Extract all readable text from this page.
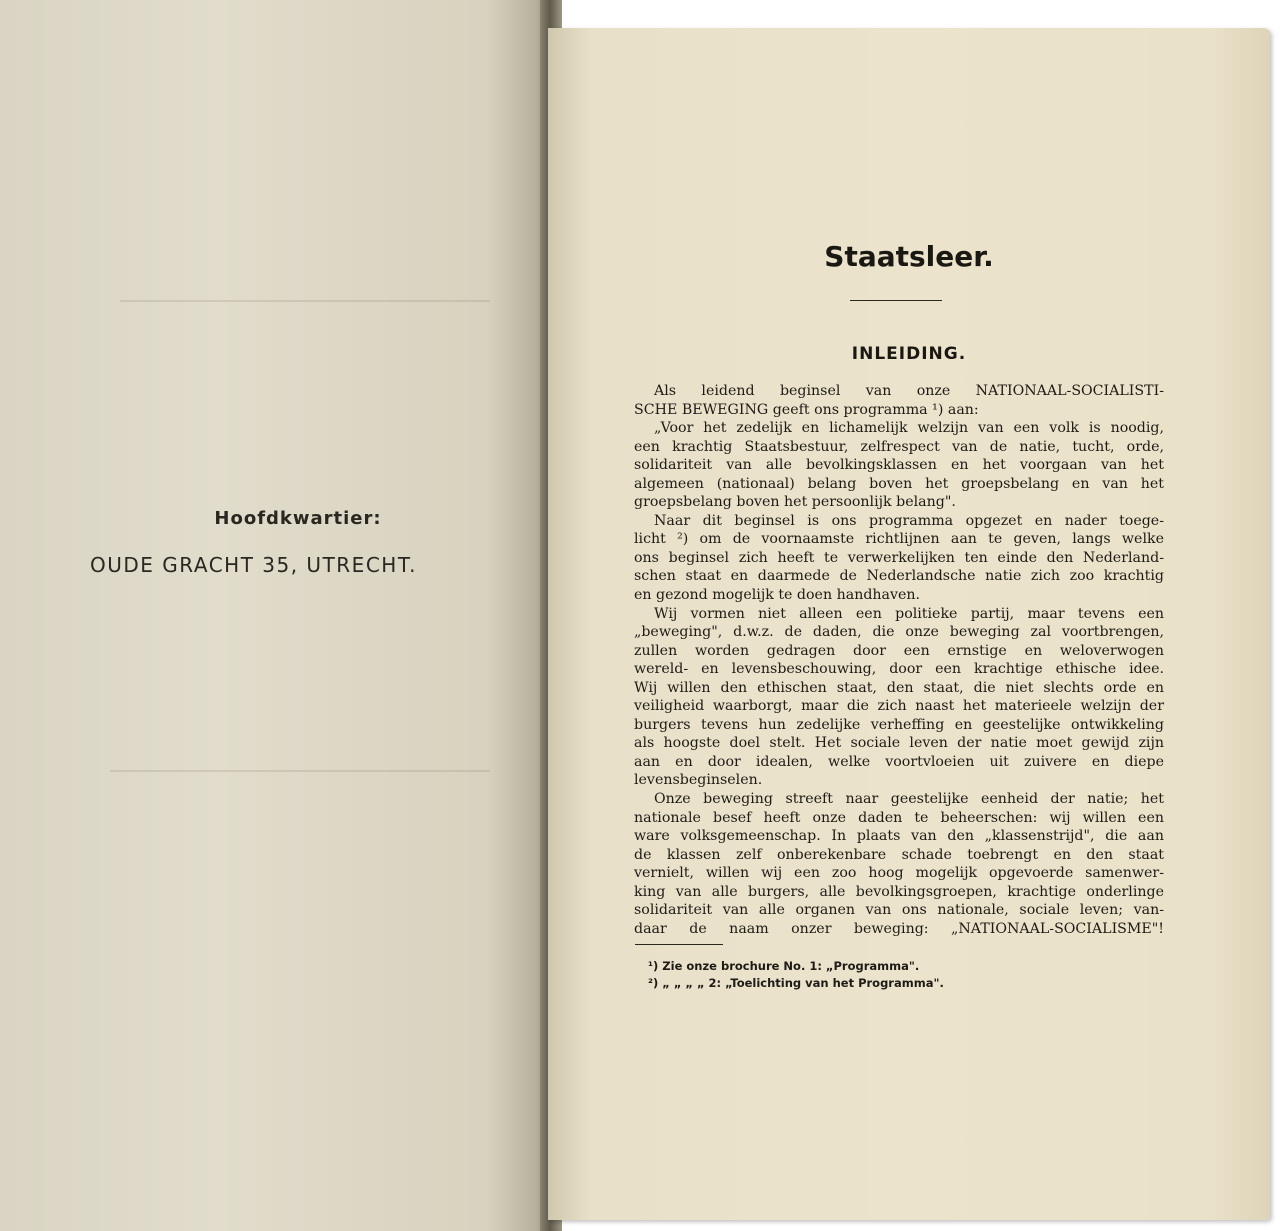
Hoofdkwartier:
OUDE GRACHT 35, UTRECHT.
Staatsleer.
INLEIDING.
Als leidend beginsel van onze NATIONAAL-SOCIALISTI-
SCHE BEWEGING geeft ons programma ¹) aan:
„Voor het zedelijk en lichamelijk welzijn van een volk is noodig,
een krachtig Staatsbestuur, zelfrespect van de natie, tucht, orde,
solidariteit van alle bevolkingsklassen en het voorgaan van het
algemeen (nationaal) belang boven het groepsbelang en van het
groepsbelang boven het persoonlijk belang".
Naar dit beginsel is ons programma opgezet en nader toege-
licht ²) om de voornaamste richtlijnen aan te geven, langs welke
ons beginsel zich heeft te verwerkelijken ten einde den Nederland-
schen staat en daarmede de Nederlandsche natie zich zoo krachtig
en gezond mogelijk te doen handhaven.
Wij vormen niet alleen een politieke partij, maar tevens een
„beweging", d.w.z. de daden, die onze beweging zal voortbrengen,
zullen worden gedragen door een ernstige en weloverwogen
wereld- en levensbeschouwing, door een krachtige ethische idee.
Wij willen den ethischen staat, den staat, die niet slechts orde en
veiligheid waarborgt, maar die zich naast het materieele welzijn der
burgers tevens hun zedelijke verheffing en geestelijke ontwikkeling
als hoogste doel stelt. Het sociale leven der natie moet gewijd zijn
aan en door idealen, welke voortvloeien uit zuivere en diepe
levensbeginselen.
Onze beweging streeft naar geestelijke eenheid der natie; het
nationale besef heeft onze daden te beheerschen: wij willen een
ware volksgemeenschap. In plaats van den „klassenstrijd", die aan
de klassen zelf onberekenbare schade toebrengt en den staat
vernielt, willen wij een zoo hoog mogelijk opgevoerde samenwer-
king van alle burgers, alle bevolkingsgroepen, krachtige onderlinge
solidariteit van alle organen van ons nationale, sociale leven; van-
daar de naam onzer beweging: „NATIONAAL-SOCIALISME"!
¹) Zie onze brochure No. 1: „Programma".
²) „ „ „ „ 2: „Toelichting van het Programma".
